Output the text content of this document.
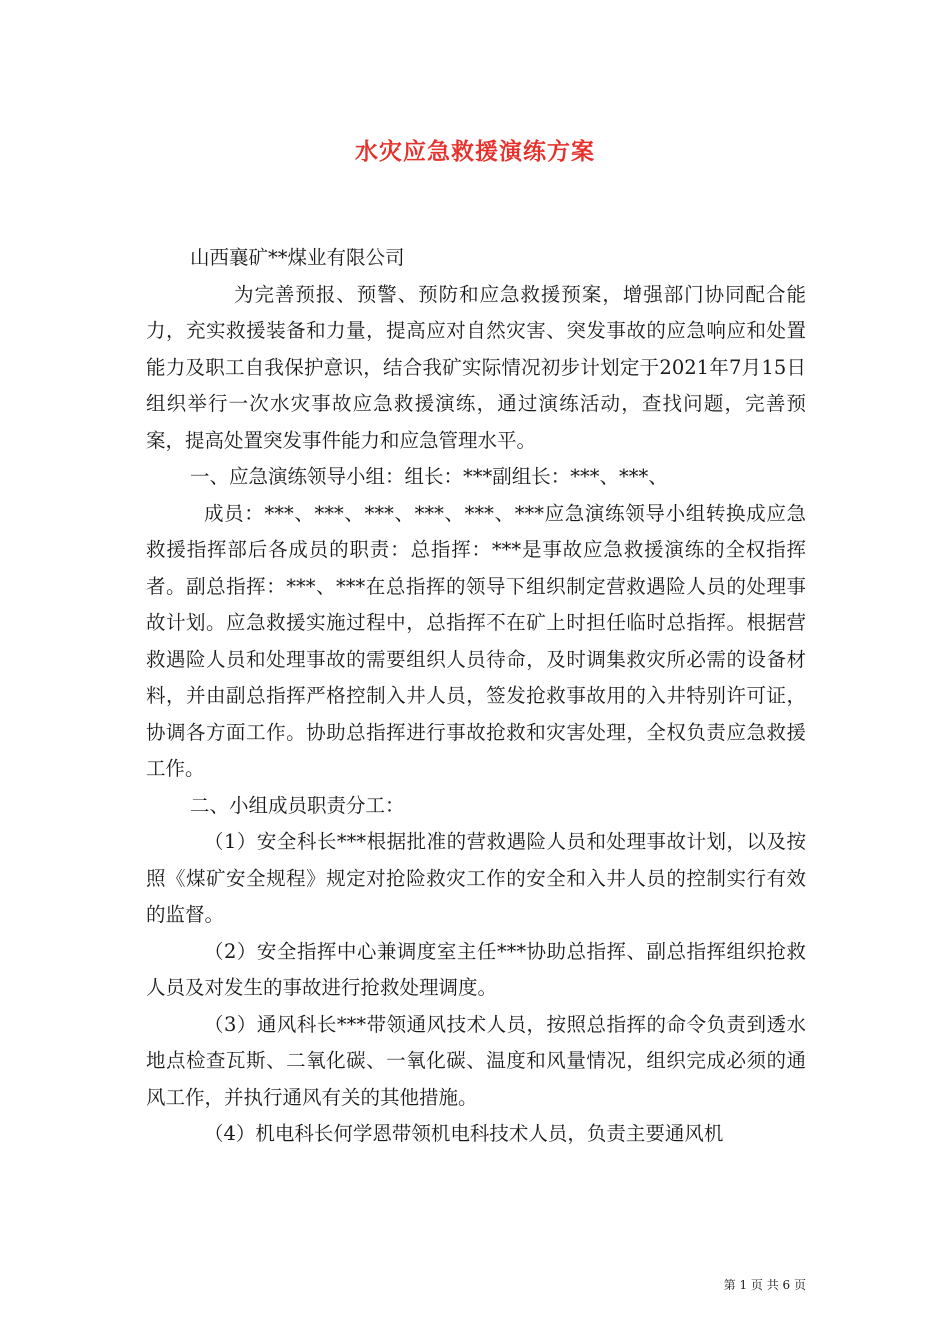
水灾应急救援演练方案

山西襄矿**煤业有限公司

为完善预报、预警、预防和应急救援预案，增强部门协同配合能力，充实救援装备和力量，提高应对自然灾害、突发事故的应急响应和处置能力及职工自我保护意识，结合我矿实际情况初步计划定于2021年7月15日组织举行一次水灾事故应急救援演练，通过演练活动，查找问题，完善预案，提高处置突发事件能力和应急管理水平。

一、应急演练领导小组：组长：***副组长：***、***、

成员：***、***、***、***、***、***应急演练领导小组转换成应急救援指挥部后各成员的职责：总指挥：***是事故应急救援演练的全权指挥者。副总指挥：***、***在总指挥的领导下组织制定营救遇险人员的处理事故计划。应急救援实施过程中，总指挥不在矿上时担任临时总指挥。根据营救遇险人员和处理事故的需要组织人员待命，及时调集救灾所必需的设备材料，并由副总指挥严格控制入井人员，签发抢救事故用的入井特别许可证，协调各方面工作。协助总指挥进行事故抢救和灾害处理，全权负责应急救援工作。

二、小组成员职责分工：

（1）安全科长***根据批准的营救遇险人员和处理事故计划，以及按照《煤矿安全规程》规定对抢险救灾工作的安全和入井人员的控制实行有效的监督。

（2）安全指挥中心兼调度室主任***协助总指挥、副总指挥组织抢救人员及对发生的事故进行抢救处理调度。

（3）通风科长***带领通风技术人员，按照总指挥的命令负责到透水地点检查瓦斯、二氧化碳、一氧化碳、温度和风量情况，组织完成必须的通风工作，并执行通风有关的其他措施。

（4）机电科长何学恩带领机电科技术人员，负责主要通风机

第 1 页 共 6 页
